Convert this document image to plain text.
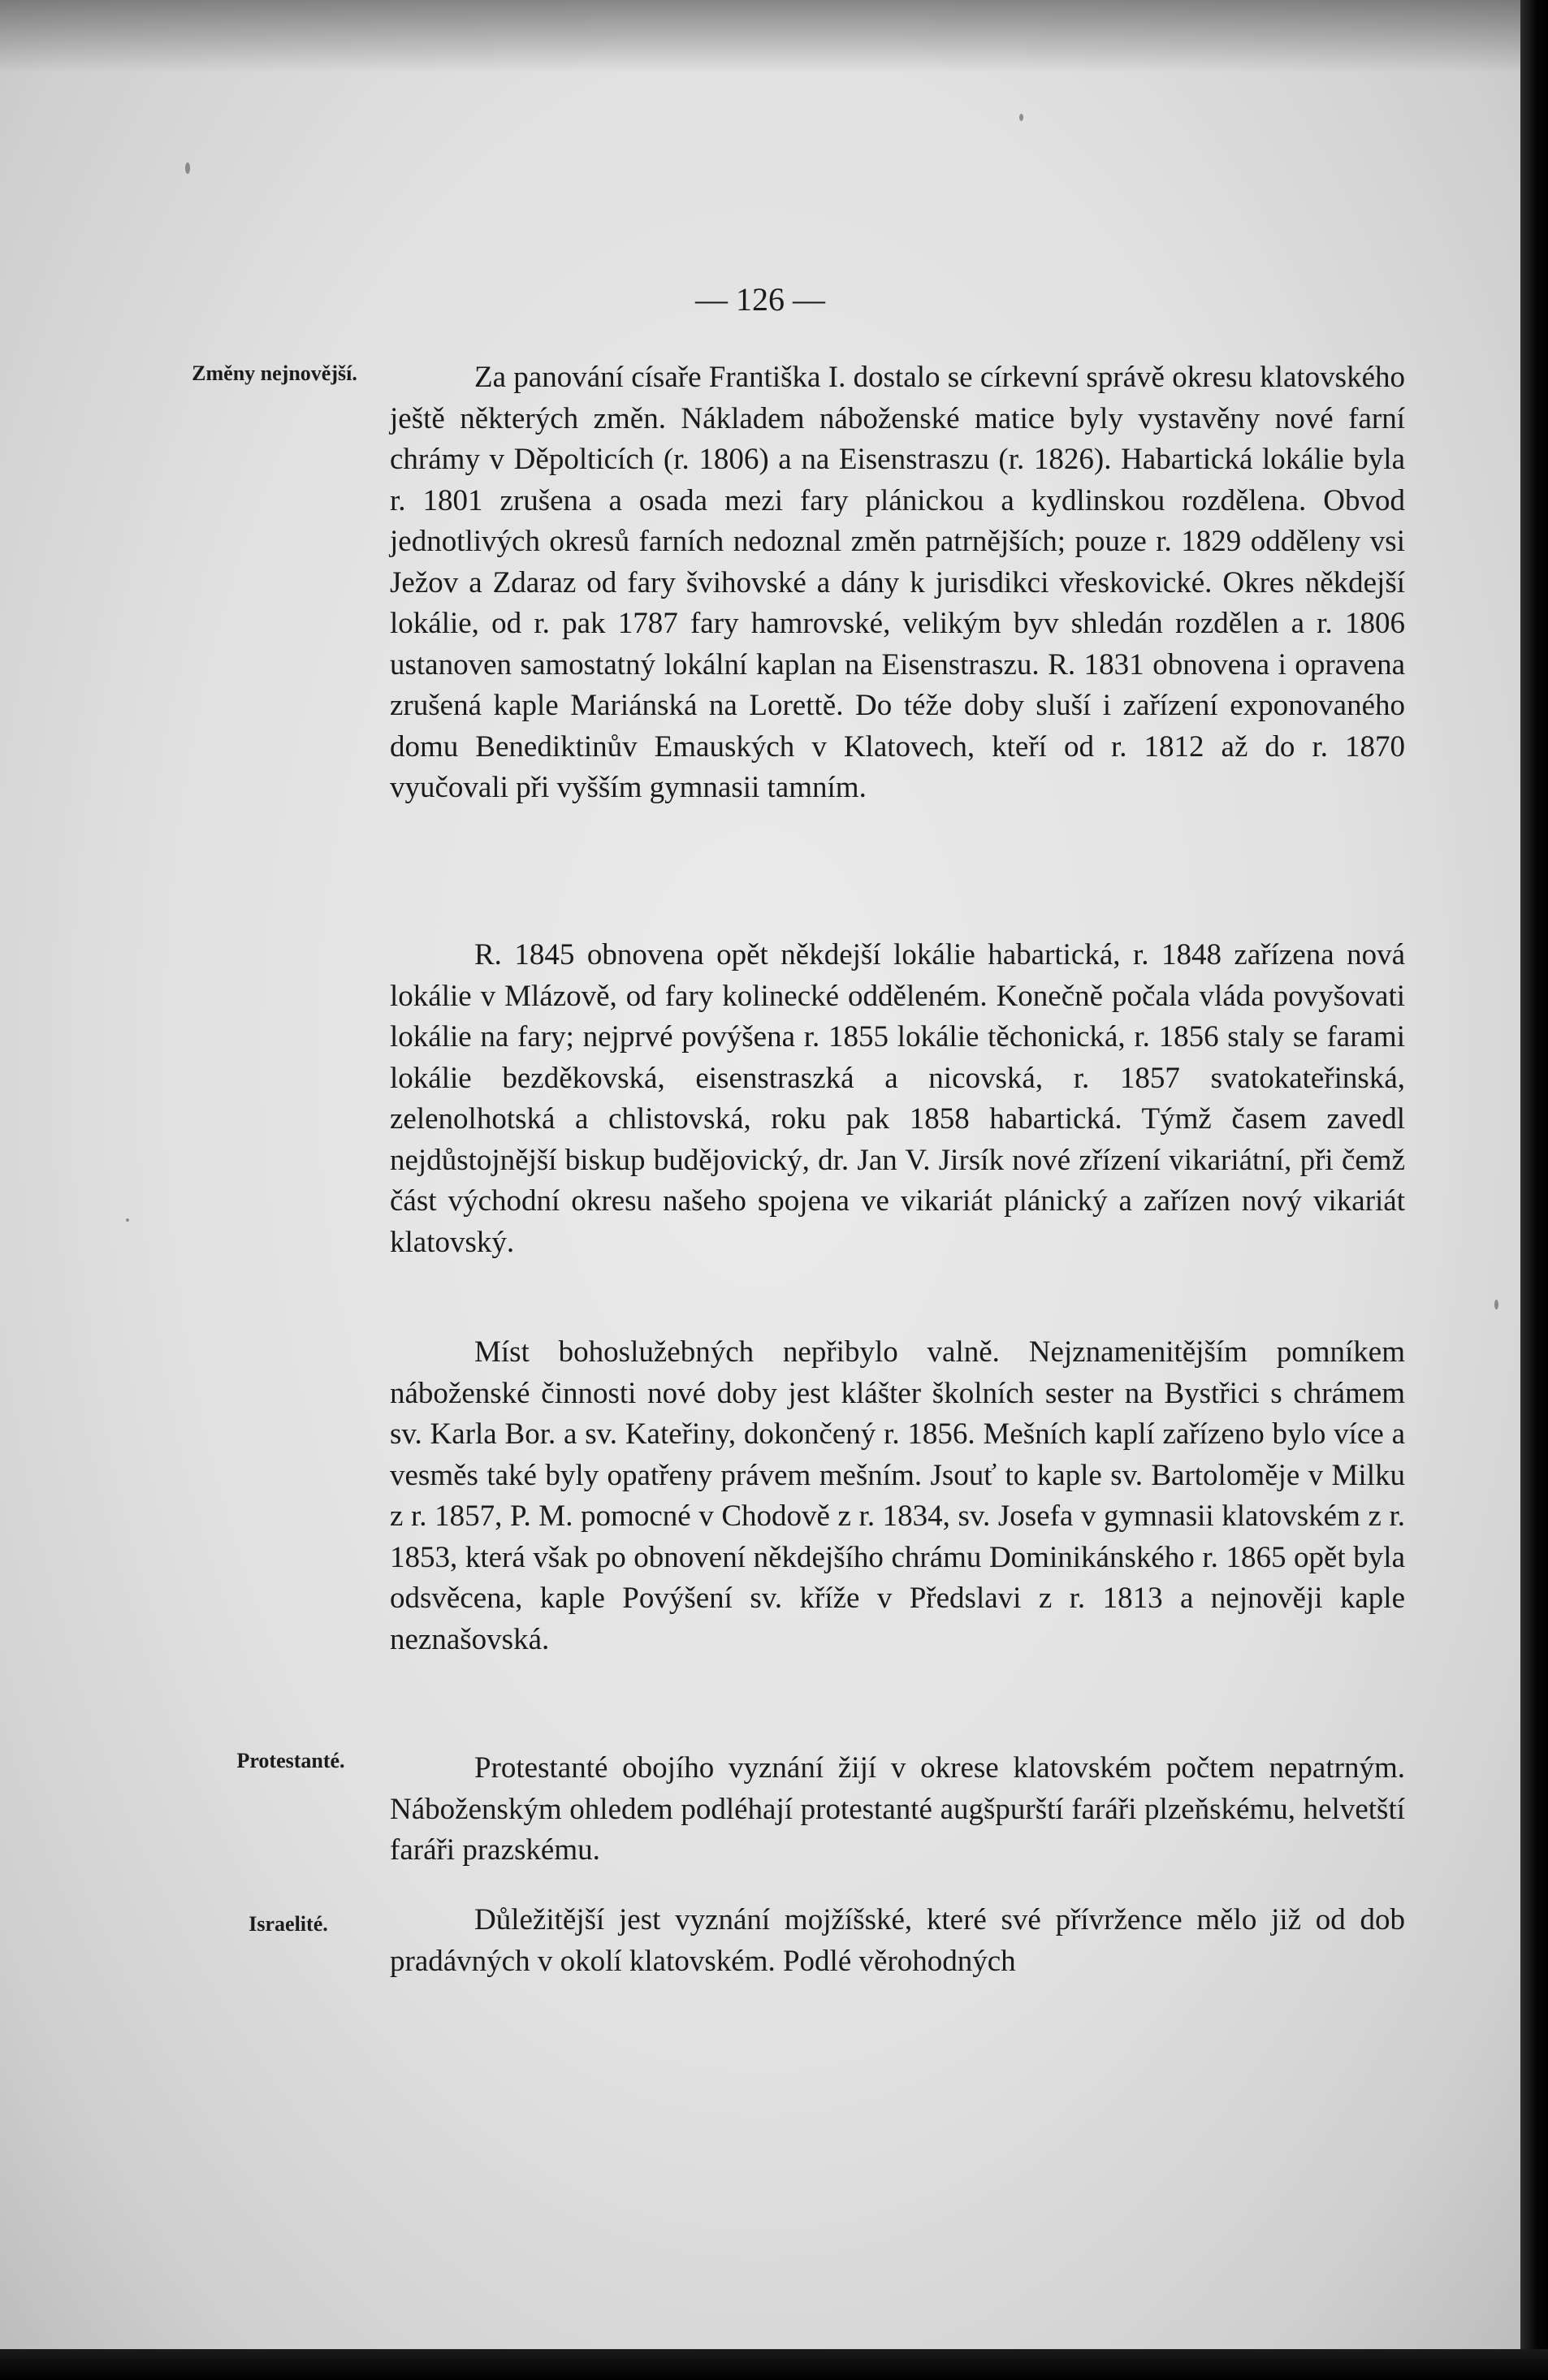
— 126 —
Změny nejnovější.
Protestanté.
Israelité.

Za panování císaře Františka I. dostalo se církevní správě okresu klatovského ještě některých změn. Nákladem náboženské matice byly vystavěny nové farní chrámy v Děpolticích (r. 1806) a na Eisenstraszu (r. 1826). Habartická lokálie byla r. 1801 zrušena a osada mezi fary plánickou a kydlinskou rozdělena. Obvod jednotlivých okresů farních nedoznal změn patrnějších; pouze r. 1829 odděleny vsi Ježov a Zdaraz od fary švihovské a dány k jurisdikci vřeskovické. Okres někdejší lokálie, od r. pak 1787 fary hamrovské, velikým byv shledán rozdělen a r. 1806 ustanoven samostatný lokální kaplan na Eisenstraszu. R. 1831 obnovena i opravena zrušená kaple Mariánská na Lorettě. Do téže doby sluší i zařízení exponovaného domu Benediktinův Emauských v Klatovech, kteří od r. 1812 až do r. 1870 vyučovali při vyšším gymnasii tamním.

R. 1845 obnovena opět někdejší lokálie habartická, r. 1848 zařízena nová lokálie v Mlázově, od fary kolinecké odděleném. Konečně počala vláda povyšovati lokálie na fary; nejprvé povýšena r. 1855 lokálie těchonická, r. 1856 staly se farami lokálie bezděkovská, eisenstraszká a nicovská, r. 1857 svatokateřinská, zelenolhotská a chlistovská, roku pak 1858 habartická. Týmž časem zavedl nejdůstojnější biskup budějovický, dr. Jan V. Jirsík nové zřízení vikariátní, při čemž část východní okresu našeho spojena ve vikariát plánický a zařízen nový vikariát klatovský.

Míst bohoslužebných nepřibylo valně. Nejznamenitějším pomníkem náboženské činnosti nové doby jest klášter školních sester na Bystřici s chrámem sv. Karla Bor. a sv. Kateřiny, dokončený r. 1856. Mešních kaplí zařízeno bylo více a vesměs také byly opatřeny právem mešním. Jsouť to kaple sv. Bartoloměje v Milku z r. 1857, P. M. pomocné v Chodově z r. 1834, sv. Josefa v gymnasii klatovském z r. 1853, která však po obnovení někdejšího chrámu Dominikánského r. 1865 opět byla odsvěcena, kaple Povýšení sv. kříže v Předslavi z r. 1813 a nejnověji kaple neznašovská.

Protestanté obojího vyznání žijí v okrese klatovském počtem nepatrným. Náboženským ohledem podléhají protestanté augšpurští faráři plzeňskému, helvetští faráři prazskému.

Důležitější jest vyznání mojžíšské, které své přívržence mělo již od dob pradávných v okolí klatovském. Podlé věrohodných
